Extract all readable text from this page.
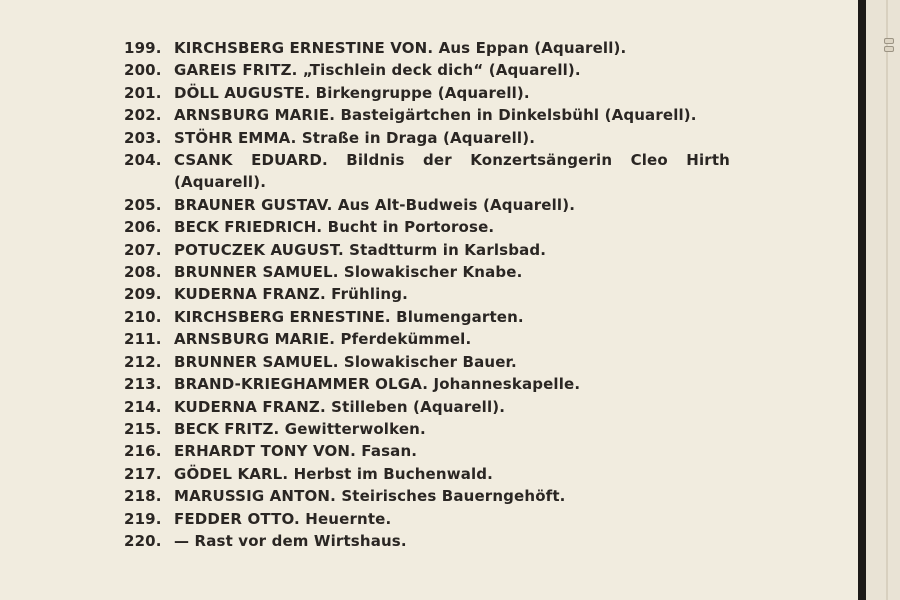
199. KIRCHSBERG ERNESTINE VON. Aus Eppan (Aquarell).
200. GAREIS FRITZ. „Tischlein deck dich“ (Aquarell).
201. DÖLL AUGUSTE. Birkengruppe (Aquarell).
202. ARNSBURG MARIE. Basteigärtchen in Dinkelsbühl (Aquarell).
203. STÖHR EMMA. Straße in Draga (Aquarell).
204. CSANK EDUARD. Bildnis der Konzertsängerin Cleo Hirth (Aquarell).
205. BRAUNER GUSTAV. Aus Alt-Budweis (Aquarell).
206. BECK FRIEDRICH. Bucht in Portorose.
207. POTUCZEK AUGUST. Stadtturm in Karlsbad.
208. BRUNNER SAMUEL. Slowakischer Knabe.
209. KUDERNA FRANZ. Frühling.
210. KIRCHSBERG ERNESTINE. Blumengarten.
211. ARNSBURG MARIE. Pferdekümmel.
212. BRUNNER SAMUEL. Slowakischer Bauer.
213. BRAND-KRIEGHAMMER OLGA. Johanneskapelle.
214. KUDERNA FRANZ. Stilleben (Aquarell).
215. BECK FRITZ. Gewitterwolken.
216. ERHARDT TONY VON. Fasan.
217. GÖDEL KARL. Herbst im Buchenwald.
218. MARUSSIG ANTON. Steirisches Bauerngehöft.
219. FEDDER OTTO. Heuernte.
220. — Rast vor dem Wirtshaus.
